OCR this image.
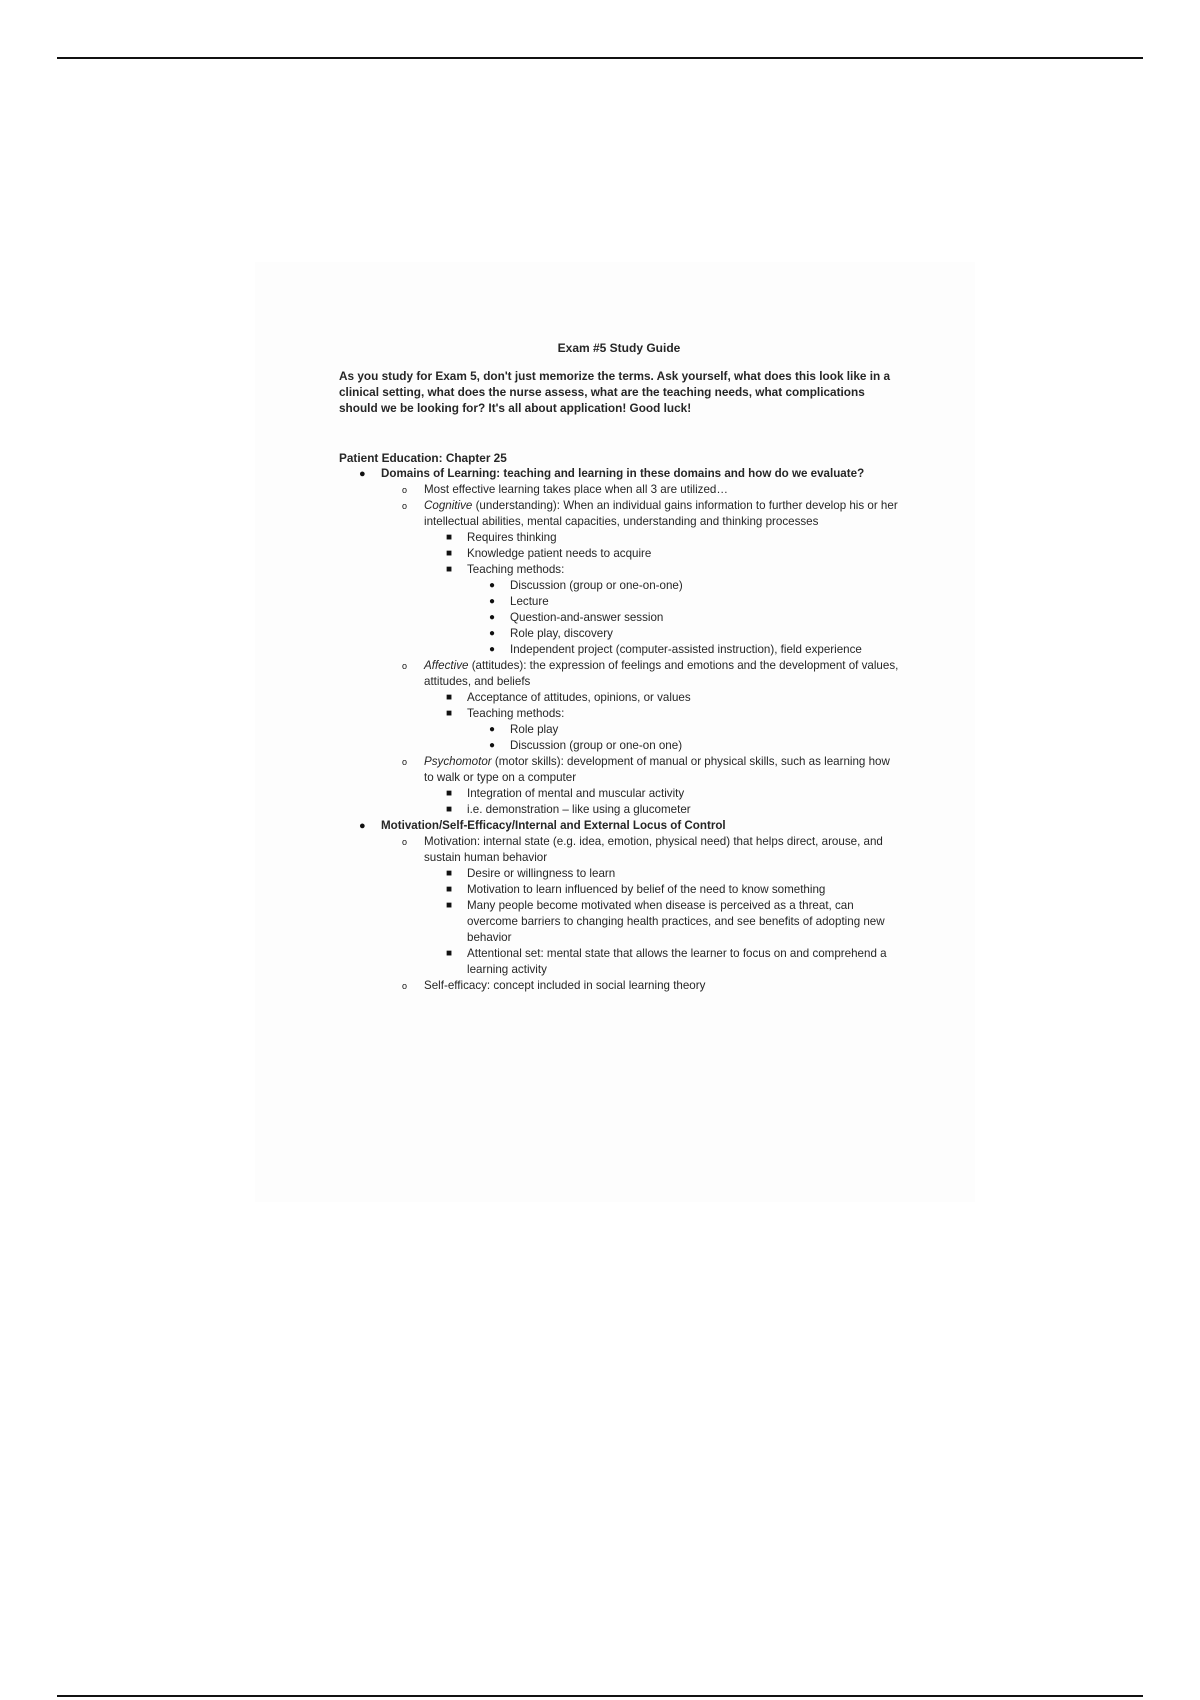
Exam #5 Study Guide
As you study for Exam 5, don't just memorize the terms. Ask yourself, what does this look like in a clinical setting, what does the nurse assess, what are the teaching needs, what complications should we be looking for? It's all about application! Good luck!
Patient Education: Chapter 25
●	Domains of Learning: teaching and learning in these domains and how do we evaluate?
o	Most effective learning takes place when all 3 are utilized…
o	Cognitive (understanding): When an individual gains information to further develop his or her intellectual abilities, mental capacities, understanding and thinking processes
■	Requires thinking
■	Knowledge patient needs to acquire
■	Teaching methods:
●	Discussion (group or one-on-one)
●	Lecture
●	Question-and-answer session
●	Role play, discovery
●	Independent project (computer-assisted instruction), field experience
o	Affective (attitudes): the expression of feelings and emotions and the development of values, attitudes, and beliefs
■	Acceptance of attitudes, opinions, or values
■	Teaching methods:
●	Role play
●	Discussion (group or one-on one)
o	Psychomotor (motor skills): development of manual or physical skills, such as learning how to walk or type on a computer
■	Integration of mental and muscular activity
■	i.e. demonstration – like using a glucometer
●	Motivation/Self-Efficacy/Internal and External Locus of Control
o	Motivation: internal state (e.g. idea, emotion, physical need) that helps direct, arouse, and sustain human behavior
■	Desire or willingness to learn
■	Motivation to learn influenced by belief of the need to know something
■	Many people become motivated when disease is perceived as a threat, can overcome barriers to changing health practices, and see benefits of adopting new behavior
■	Attentional set: mental state that allows the learner to focus on and comprehend a learning activity
o	Self-efficacy: concept included in social learning theory
